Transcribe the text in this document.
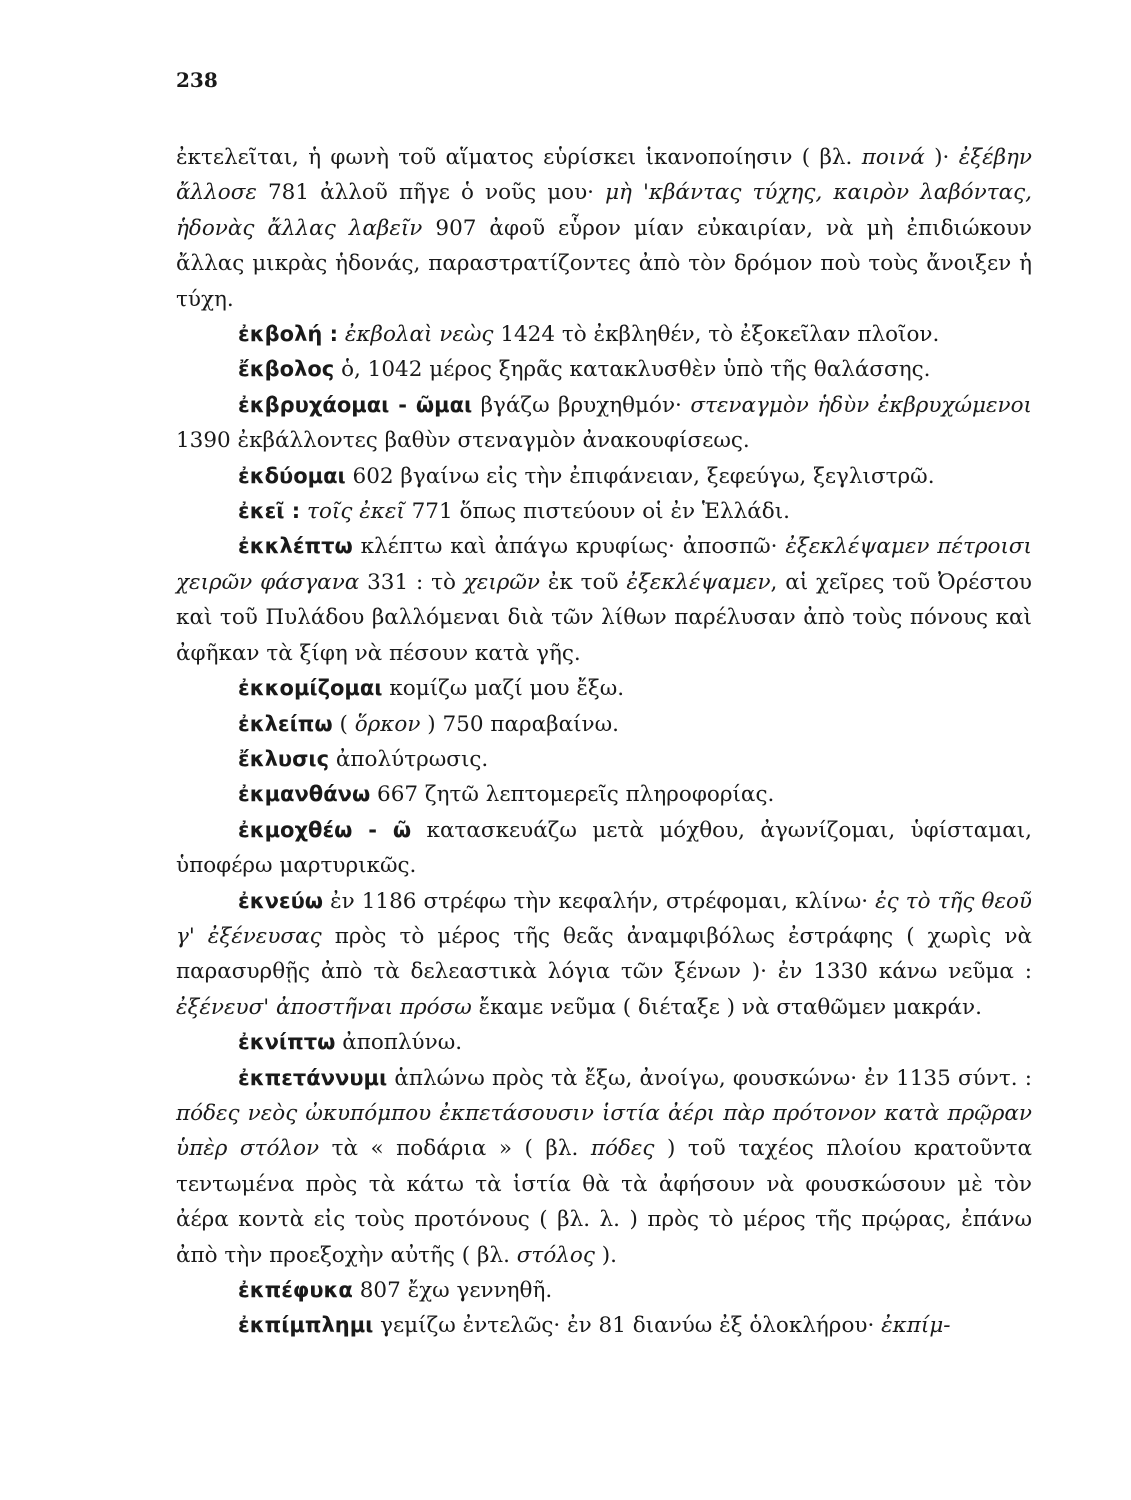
238

ἐκτελεῖται, ἡ φωνὴ τοῦ αἵματος εὑρίσκει ἱκανοποίησιν ( βλ. ποινά )· ἐξέβην ἄλλοσε 781 ἀλλοῦ πῆγε ὁ νοῦς μου· μὴ 'κβάντας τύχης, καιρὸν λαβόντας, ἡδονὰς ἄλλας λαβεῖν 907 ἀφοῦ εὗρον μίαν εὐκαιρίαν, νὰ μὴ ἐπιδιώκουν ἄλλας μικρὰς ἡδονάς, παραστρατίζοντες ἀπὸ τὸν δρόμον ποὺ τοὺς ἄνοιξεν ἡ τύχη.

ἐκβολή : ἐκβολαὶ νεὼς 1424 τὸ ἐκβληθέν, τὸ ἐξοκεῖλαν πλοῖον.

ἔκβολος ὁ, 1042 μέρος ξηρᾶς κατακλυσθὲν ὑπὸ τῆς θαλάσσης.

ἐκβρυχάομαι - ῶμαι βγάζω βρυχηθμόν· στεναγμὸν ἡδὺν ἐκβρυχώμενοι 1390 ἐκβάλλοντες βαθὺν στεναγμὸν ἀνακουφίσεως.

ἐκδύομαι 602 βγαίνω εἰς τὴν ἐπιφάνειαν, ξεφεύγω, ξεγλιστρῶ.

ἐκεῖ : τοῖς ἐκεῖ 771 ὅπως πιστεύουν οἱ ἐν Ἑλλάδι.

ἐκκλέπτω κλέπτω καὶ ἀπάγω κρυφίως· ἀποσπῶ· ἐξεκλέψαμεν πέτροισι χειρῶν φάσγανα 331 : τὸ χειρῶν ἐκ τοῦ ἐξεκλέψαμεν, αἱ χεῖρες τοῦ Ὀρέστου καὶ τοῦ Πυλάδου βαλλόμεναι διὰ τῶν λίθων παρέλυσαν ἀπὸ τοὺς πόνους καὶ ἀφῆκαν τὰ ξίφη νὰ πέσουν κατὰ γῆς.

ἐκκομίζομαι κομίζω μαζί μου ἔξω.

ἐκλείπω ( ὅρκον ) 750 παραβαίνω.

ἔκλυσις ἀπολύτρωσις.

ἐκμανθάνω 667 ζητῶ λεπτομερεῖς πληροφορίας.

ἐκμοχθέω - ῶ κατασκευάζω μετὰ μόχθου, ἀγωνίζομαι, ὑφίσταμαι, ὑποφέρω μαρτυρικῶς.

ἐκνεύω ἐν 1186 στρέφω τὴν κεφαλήν, στρέφομαι, κλίνω· ἐς τὸ τῆς θεοῦ γ' ἐξένευσας πρὸς τὸ μέρος τῆς θεᾶς ἀναμφιβόλως ἐστράφης ( χωρὶς νὰ παρασυρθῇς ἀπὸ τὰ δελεαστικὰ λόγια τῶν ξένων )· ἐν 1330 κάνω νεῦμα : ἐξένευσ' ἀποστῆναι πρόσω ἔκαμε νεῦμα ( διέταξε ) νὰ σταθῶμεν μακράν.

ἐκνίπτω ἀποπλύνω.

ἐκπετάννυμι ἁπλώνω πρὸς τὰ ἔξω, ἀνοίγω, φουσκώνω· ἐν 1135 σύντ. : πόδες νεὸς ὠκυπόμπου ἐκπετάσουσιν ἱστία ἀέρι πὰρ πρότονον κατὰ πρῷραν ὑπὲρ στόλον τὰ « ποδάρια » ( βλ. πόδες ) τοῦ ταχέος πλοίου κρατοῦντα τεντωμένα πρὸς τὰ κάτω τὰ ἱστία θὰ τὰ ἀφήσουν νὰ φουσκώσουν μὲ τὸν ἀέρα κοντὰ εἰς τοὺς προτόνους ( βλ. λ. ) πρὸς τὸ μέρος τῆς πρῴρας, ἐπάνω ἀπὸ τὴν προεξοχὴν αὐτῆς ( βλ. στόλος ).

ἐκπέφυκα 807 ἔχω γεννηθῆ.

ἐκπίμπλημι γεμίζω ἐντελῶς· ἐν 81 διανύω ἐξ ὁλοκλήρου· ἐκπίμ-
